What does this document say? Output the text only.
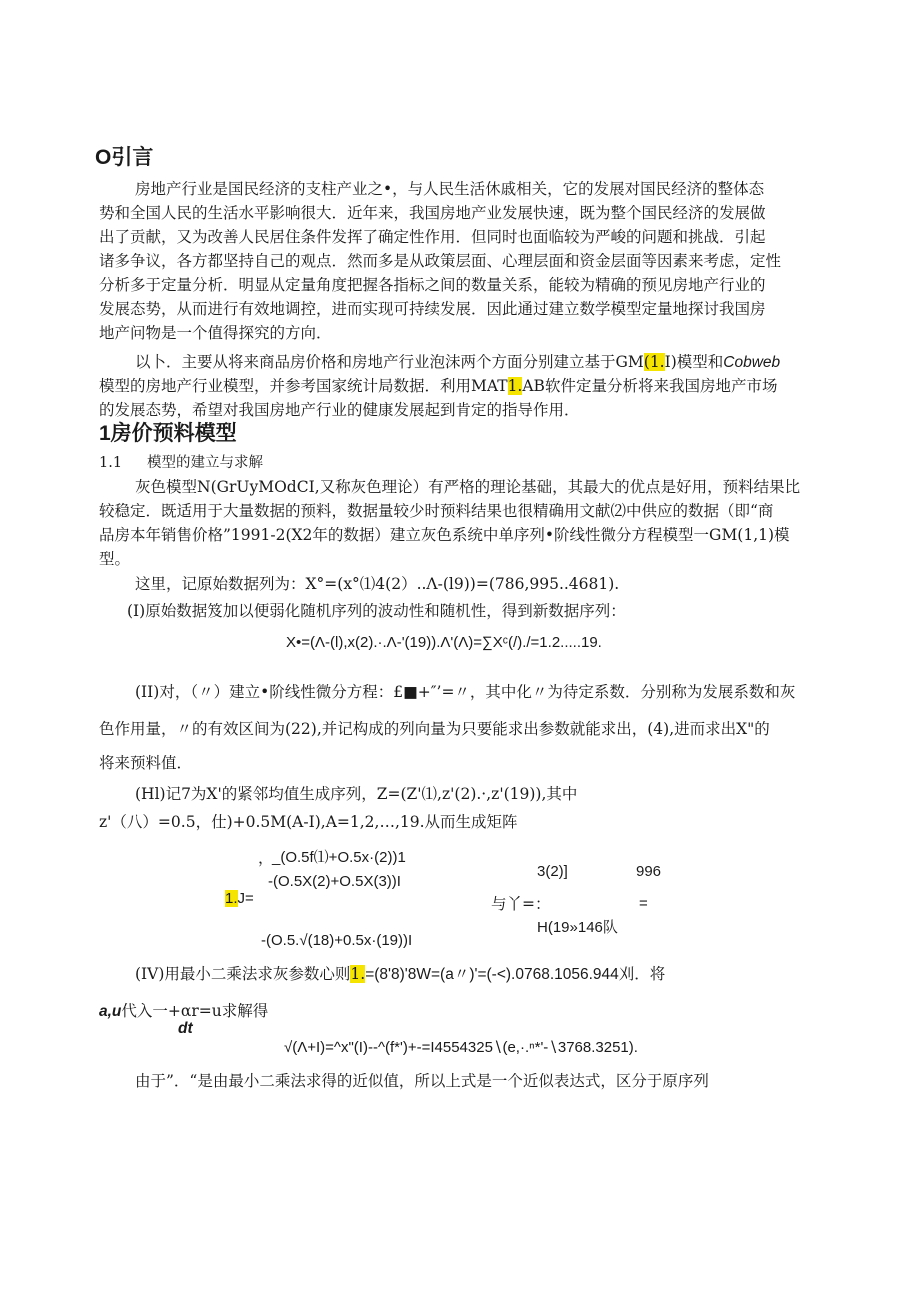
O引言
房地产行业是国民经济的支柱产业之•，与人民生活休戚相关，它的发展对国民经济的整体态
势和全国人民的生活水平影响很大．近年来，我国房地产业发展快速，既为整个国民经济的发展做
出了贡献，又为改善人民居住条件发挥了确定性作用．但同时也面临较为严峻的问题和挑战．引起
诸多争议，各方都坚持自己的观点．然而多是从政策层面、心理层面和资金层面等因素来考虑，定性
分析多于定量分析．明显从定量角度把握各指标之间的数量关系，能较为精确的预见房地产行业的
发展态势，从而进行有效地调控，进而实现可持续发展．因此通过建立数学模型定量地探讨我国房
地产问物是一个值得探究的方向．
以卜．主要从将来商品房价格和房地产行业泡沫两个方面分别建立基于GM(1.I)模型和Cobweb
模型的房地产行业模型，并参考国家统计局数据．利用MAT1.AB软件定量分析将来我国房地产市场
的发展态势，希望对我国房地产行业的健康发展起到肯定的指导作用．
1房价预料模型
1.1 模型的建立与求解
灰色模型N(GrUyMOdCI,又称灰色理论）有严格的理论基础，其最大的优点是好用，预料结果比
较稳定．既适用于大量数据的预料，数据量较少时预料结果也很精确用文献⑵中供应的数据（即“商
品房本年销售价格”1991-2(X2年的数据）建立灰色系统中单序列•阶线性微分方程模型一GM(1,1)模
型。
这里，记原始数据列为：X°=(x°⑴4(2）..Λ-(l9))=(786,995..4681).
(I)原始数据笈加以便弱化随机序列的波动性和随机性，得到新数据序列：
X•=(Λ-(l),x(2).·.Λ-'(19)).Λ'(Λ)=∑Xᶜ(/)./=1.2.....19.
(II)对，（〃）建立•阶线性微分方程：£■+″’=〃，其中化〃为待定系数．分别称为发展系数和灰
色作用量，〃的有效区间为(22),并记构成的列向量为只要能求出参数就能求出，(4),进而求出X"的
将来预料值．
(Hl)记7为X'的紧邻均值生成序列，Z=(Z'⑴,z'(2).·,z'(19)),其中
z'（八）=0.5，仕)+0.5M(A-I),A=1,2,…,19.从而生成矩阵
，
_(O.5f⑴+O.5x·(2))1
-(O.5X(2)+O.5X(3))I
1.J=
-(O.5.√(18)+0.5x·(19))I
3(2)]	996
与丫=：	=
H(19»146队
(IV)用最小二乘法求灰参数心则1.=(8'8)'8W=(a〃)'=(-<).0768.1056.944刈．将
a,u代入一+αr=u求解得
dt
√(Λ+I)=^x"(I)--^(f*')+-=I4554325∖(e,·.ⁿ*'-∖3768.3251).
由于”．“是由最小二乘法求得的近似值，所以上式是一个近似表达式，区分于原序列
